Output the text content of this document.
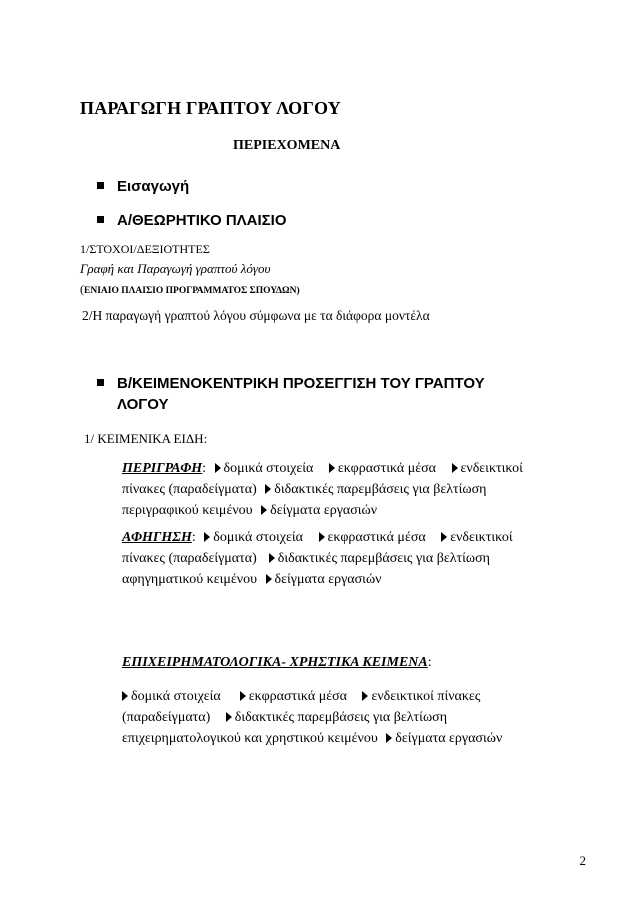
ΠΑΡΑΓΩΓΗ ΓΡΑΠΤΟΥ ΛΟΓΟΥ
ΠΕΡΙΕΧΟΜΕΝΑ
Εισαγωγή
Α/ΘΕΩΡΗΤΙΚΟ ΠΛΑΙΣΙΟ
1/ΣΤΟΧΟΙ/ΔΕΞΙΟΤΗΤΕΣ
Γραφή και Παραγωγή γραπτού λόγου
(ΕΝΙΑΙΟ ΠΛΑΙΣΙΟ ΠΡΟΓΡΑΜΜΑΤΟΣ ΣΠΟΥΔΩΝ)
2/Η παραγωγή γραπτού λόγου σύμφωνα με τα διάφορα μοντέλα
Β/ΚΕΙΜΕΝΟΚΕΝΤΡΙΚΗ ΠΡΟΣΕΓΓΙΣΗ ΤΟΥ ΓΡΑΠΤΟΥ
ΛΟΓΟΥ
1/ ΚΕΙΜΕΝΙΚΑ ΕΙΔΗ:
ΠΕΡΙΓΡΑΦΗ: δομικά στοιχεία εκφραστικά μέσα ενδεικτικοί
πίνακες (παραδείγματα) διδακτικές παρεμβάσεις για βελτίωση
περιγραφικού κειμένου δείγματα εργασιών
ΑΦΗΓΗΣΗ: δομικά στοιχεία εκφραστικά μέσα ενδεικτικοί
πίνακες (παραδείγματα) διδακτικές παρεμβάσεις για βελτίωση
αφηγηματικού κειμένου δείγματα εργασιών
ΕΠΙΧΕΙΡΗΜΑΤΟΛΟΓΙΚΑ- ΧΡΗΣΤΙΚΑ ΚΕΙΜΕΝΑ:
δομικά στοιχεία εκφραστικά μέσα ενδεικτικοί πίνακες
(παραδείγματα) διδακτικές παρεμβάσεις για βελτίωση
επιχειρηματολογικού και χρηστικού κειμένου δείγματα εργασιών
2
